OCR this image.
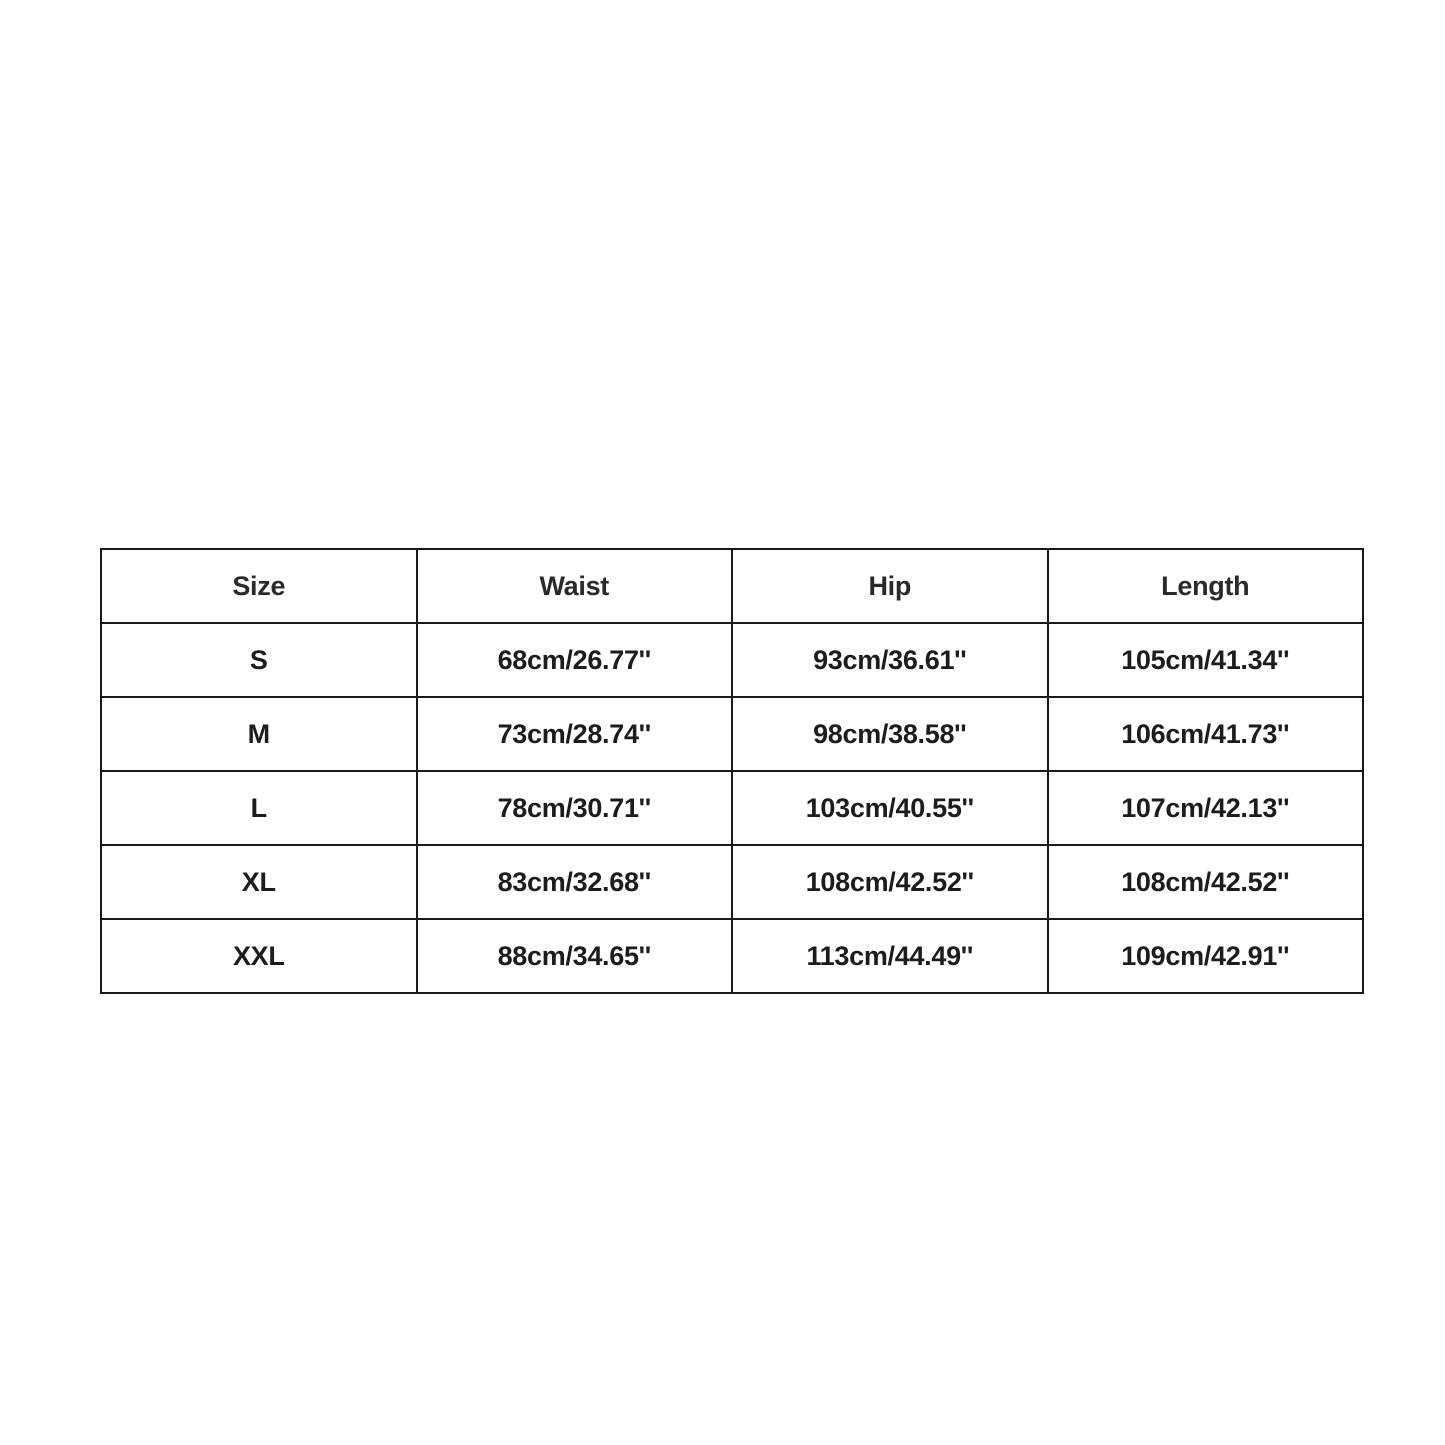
Size	Waist	Hip	Length
S	68cm/26.77''	93cm/36.61''	105cm/41.34''
M	73cm/28.74''	98cm/38.58''	106cm/41.73''
L	78cm/30.71''	103cm/40.55''	107cm/42.13''
XL	83cm/32.68''	108cm/42.52''	108cm/42.52''
XXL	88cm/34.65''	113cm/44.49''	109cm/42.91''
